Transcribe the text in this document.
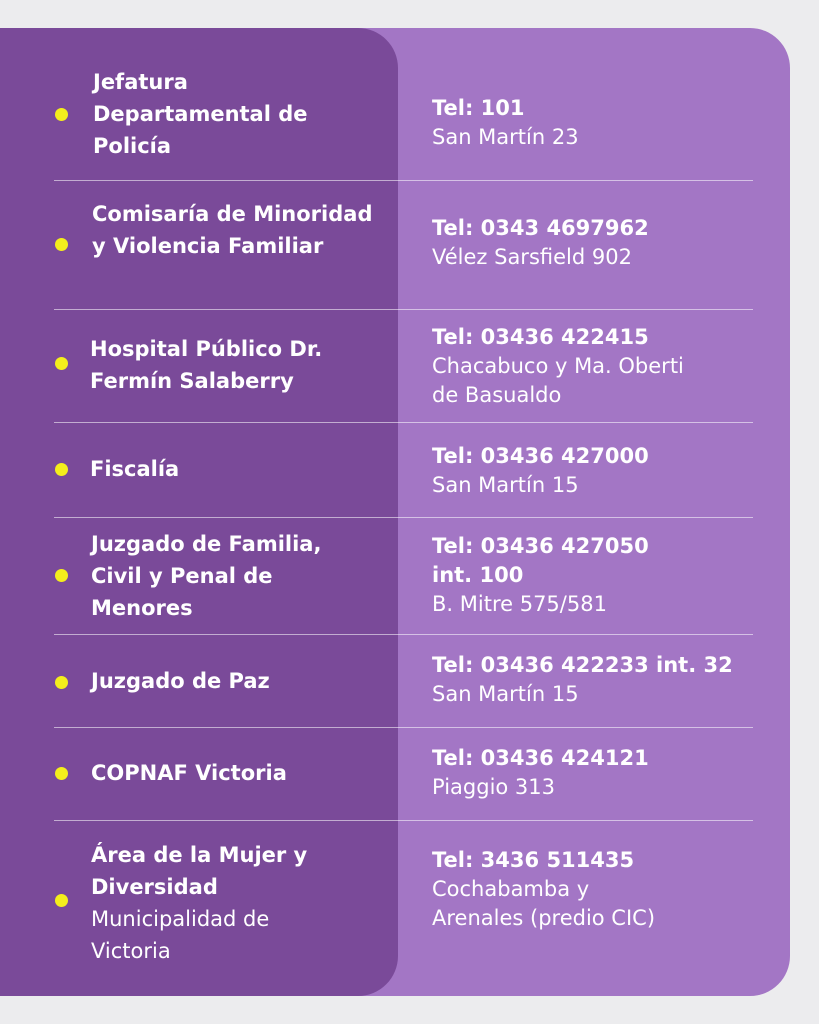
Jefatura Departamental de Policía
Tel: 101
San Martín 23
Comisaría de Minoridad y Violencia Familiar
Tel: 0343 4697962
Vélez Sarsfield 902
Hospital Público Dr. Fermín Salaberry
Tel: 03436 422415
Chacabuco y Ma. Oberti
de Basualdo
Fiscalía
Tel: 03436 427000
San Martín 15
Juzgado de Familia, Civil y Penal de Menores
Tel: 03436 427050
int. 100
B. Mitre 575/581
Juzgado de Paz
Tel: 03436 422233 int. 32
San Martín 15
COPNAF Victoria
Tel: 03436 424121
Piaggio 313
Área de la Mujer y Diversidad
Municipalidad de Victoria
Tel: 3436 511435
Cochabamba y
Arenales (predio CIC)
